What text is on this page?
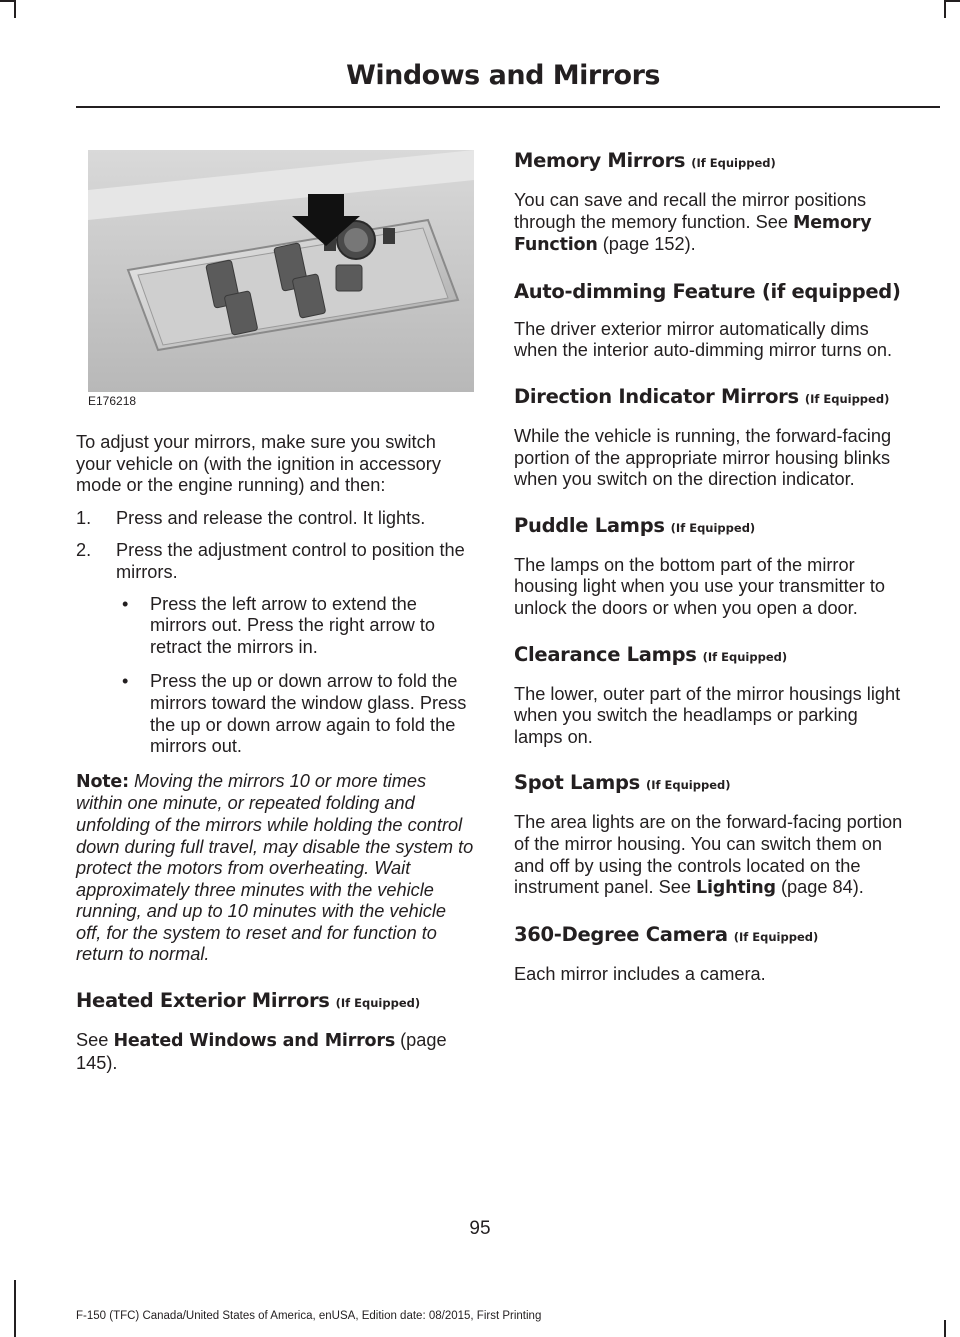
Windows and Mirrors
E176218

To adjust your mirrors, make sure you switch your vehicle on (with the ignition in accessory mode or the engine running) and then:

1. Press and release the control. It lights.
2. Press the adjustment control to position the mirrors.
• Press the left arrow to extend the mirrors out. Press the right arrow to retract the mirrors in.
• Press the up or down arrow to fold the mirrors toward the window glass. Press the up or down arrow again to fold the mirrors out.

Note: Moving the mirrors 10 or more times within one minute, or repeated folding and unfolding of the mirrors while holding the control down during full travel, may disable the system to protect the motors from overheating. Wait approximately three minutes with the vehicle running, and up to 10 minutes with the vehicle off, for the system to reset and for function to return to normal.

Heated Exterior Mirrors (If Equipped)

See Heated Windows and Mirrors (page 145).

Memory Mirrors (If Equipped)

You can save and recall the mirror positions through the memory function. See Memory Function (page 152).

Auto-dimming Feature (if equipped)

The driver exterior mirror automatically dims when the interior auto-dimming mirror turns on.

Direction Indicator Mirrors (If Equipped)

While the vehicle is running, the forward-facing portion of the appropriate mirror housing blinks when you switch on the direction indicator.

Puddle Lamps (If Equipped)

The lamps on the bottom part of the mirror housing light when you use your transmitter to unlock the doors or when you open a door.

Clearance Lamps (If Equipped)

The lower, outer part of the mirror housings light when you switch the headlamps or parking lamps on.

Spot Lamps (If Equipped)

The area lights are on the forward-facing portion of the mirror housing. You can switch them on and off by using the controls located on the instrument panel. See Lighting (page 84).

360-Degree Camera (If Equipped)

Each mirror includes a camera.

95
F-150 (TFC) Canada/United States of America, enUSA, Edition date: 08/2015, First Printing
